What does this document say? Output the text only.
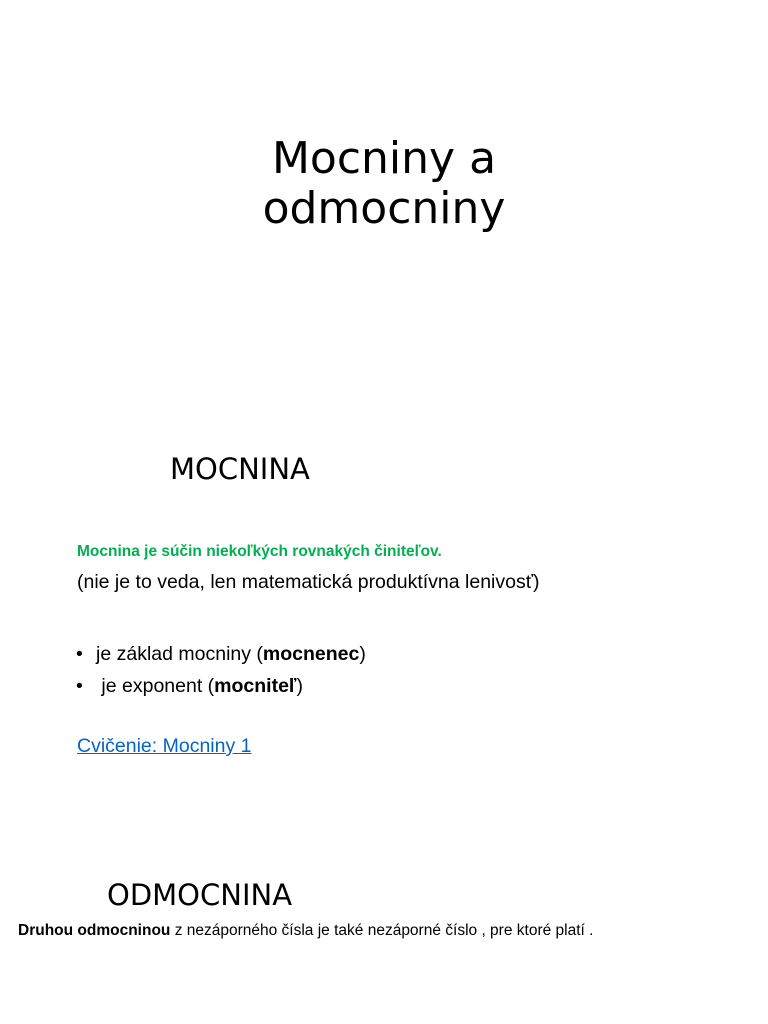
Mocniny a
odmocniny
MOCNINA
Mocnina je súčin niekoľkých rovnakých činiteľov.
(nie je to veda, len matematická produktívna lenivosť)
• je základ mocniny (mocnenec)
• je exponent (mocniteľ)
Cvičenie: Mocniny 1
ODMOCNINA
Druhou odmocninou z nezáporného čísla je také nezáporné číslo , pre ktoré platí .
